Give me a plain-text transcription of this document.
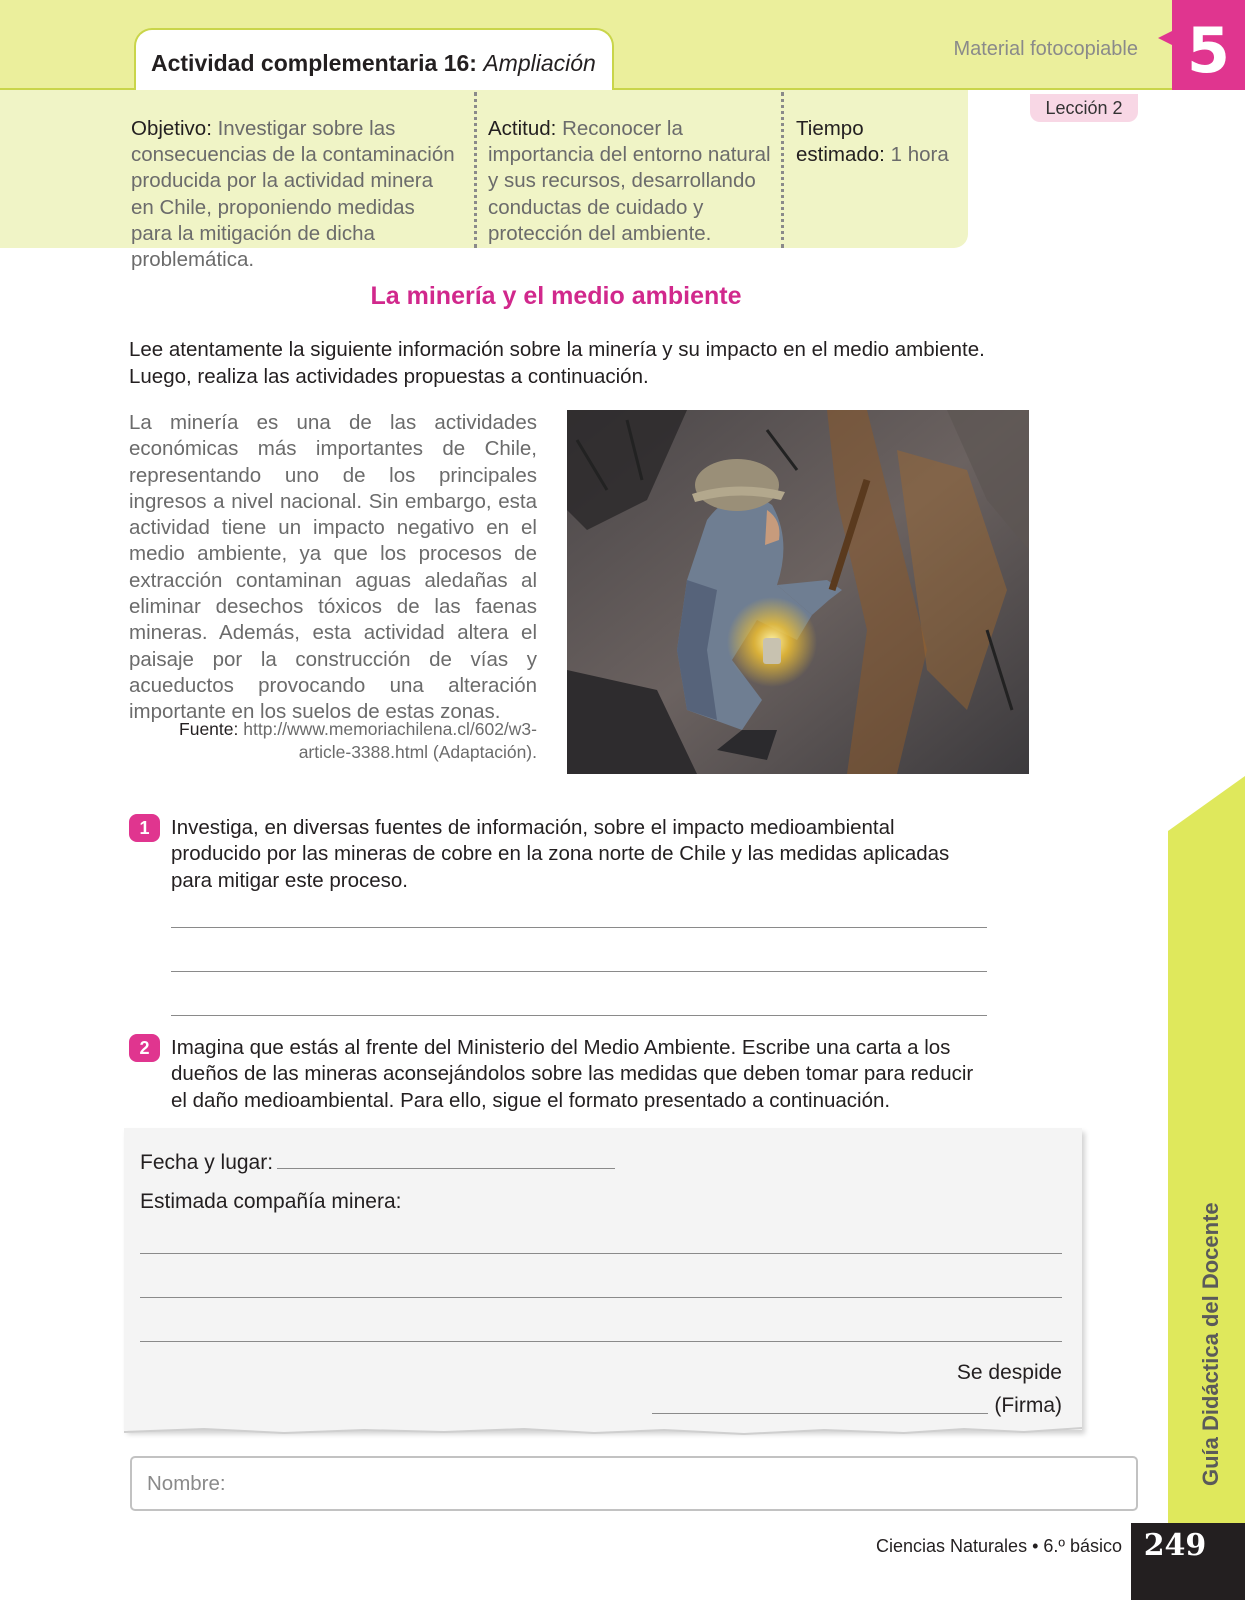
Actividad complementaria 16: Ampliación
Material fotocopiable 5
Lección 2
Objetivo: Investigar sobre las consecuencias de la contaminación producida por la actividad minera en Chile, proponiendo medidas para la mitigación de dicha problemática.
Actitud: Reconocer la importancia del entorno natural y sus recursos, desarrollando conductas de cuidado y protección del ambiente.
Tiempo estimado: 1 hora
La minería y el medio ambiente
Lee atentamente la siguiente información sobre la minería y su impacto en el medio ambiente. Luego, realiza las actividades propuestas a continuación.
La minería es una de las actividades económicas más importantes de Chile, representando uno de los principales ingresos a nivel nacional. Sin embargo, esta actividad tiene un impacto negativo en el medio ambiente, ya que los procesos de extracción contaminan aguas aledañas al eliminar desechos tóxicos de las faenas mineras. Además, esta actividad altera el paisaje por la construcción de vías y acueductos provocando una alteración importante en los suelos de estas zonas.
Fuente: http://www.memoriachilena.cl/602/w3-article-3388.html (Adaptación).
1	Investiga, en diversas fuentes de información, sobre el impacto medioambiental producido por las mineras de cobre en la zona norte de Chile y las medidas aplicadas para mitigar este proceso.
2	Imagina que estás al frente del Ministerio del Medio Ambiente. Escribe una carta a los dueños de las mineras aconsejándolos sobre las medidas que deben tomar para reducir el daño medioambiental. Para ello, sigue el formato presentado a continuación.
Fecha y lugar:
Estimada compañía minera:
Se despide
(Firma)
Nombre:	Guía Didáctica del Docente
Ciencias Naturales • 6.º básico 249
